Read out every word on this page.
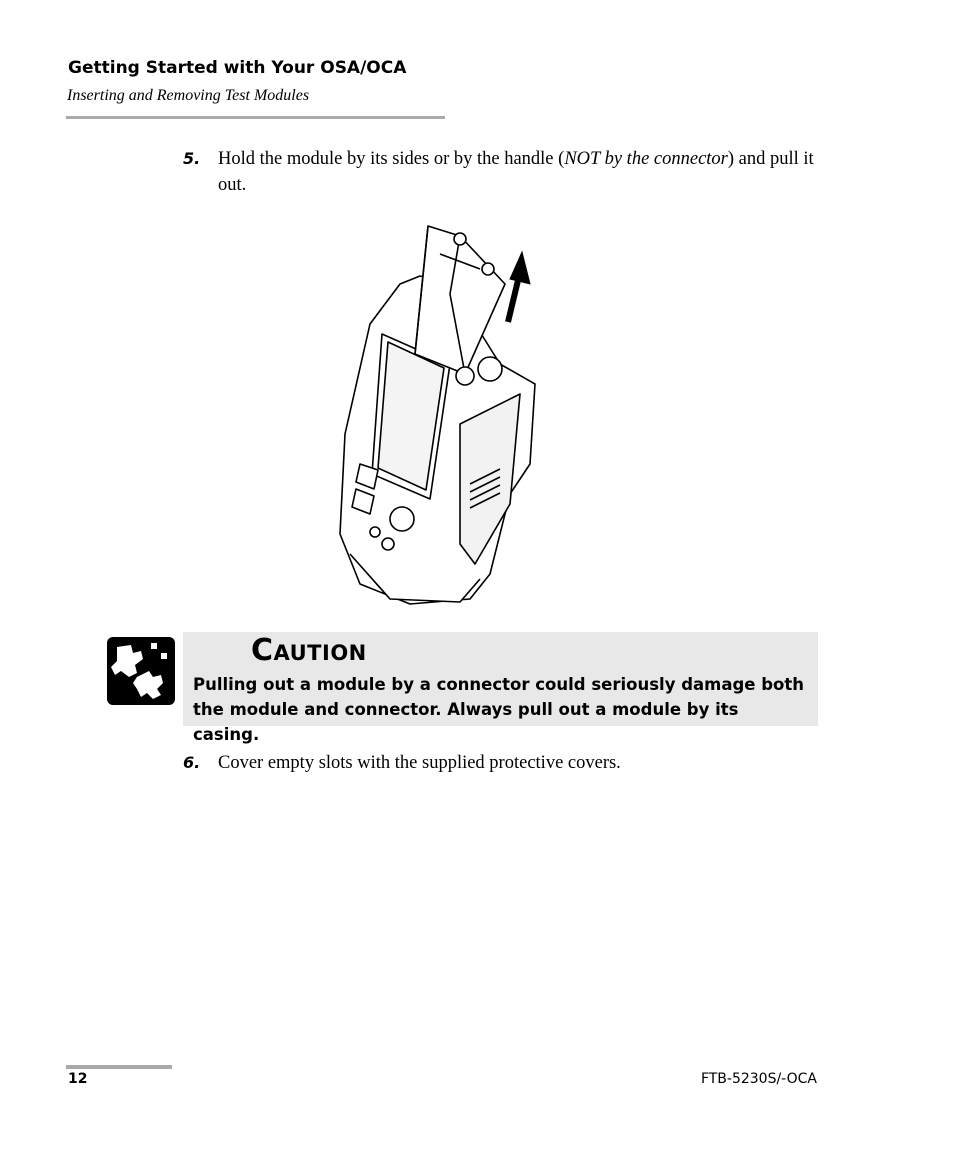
Getting Started with Your OSA/OCA
Inserting and Removing Test Modules
5. Hold the module by its sides or by the handle (NOT by the connector) and pull it out.
Caution
Pulling out a module by a connector could seriously damage both the module and connector. Always pull out a module by its casing.
6. Cover empty slots with the supplied protective covers.
12	FTB-5230S/-OCA
